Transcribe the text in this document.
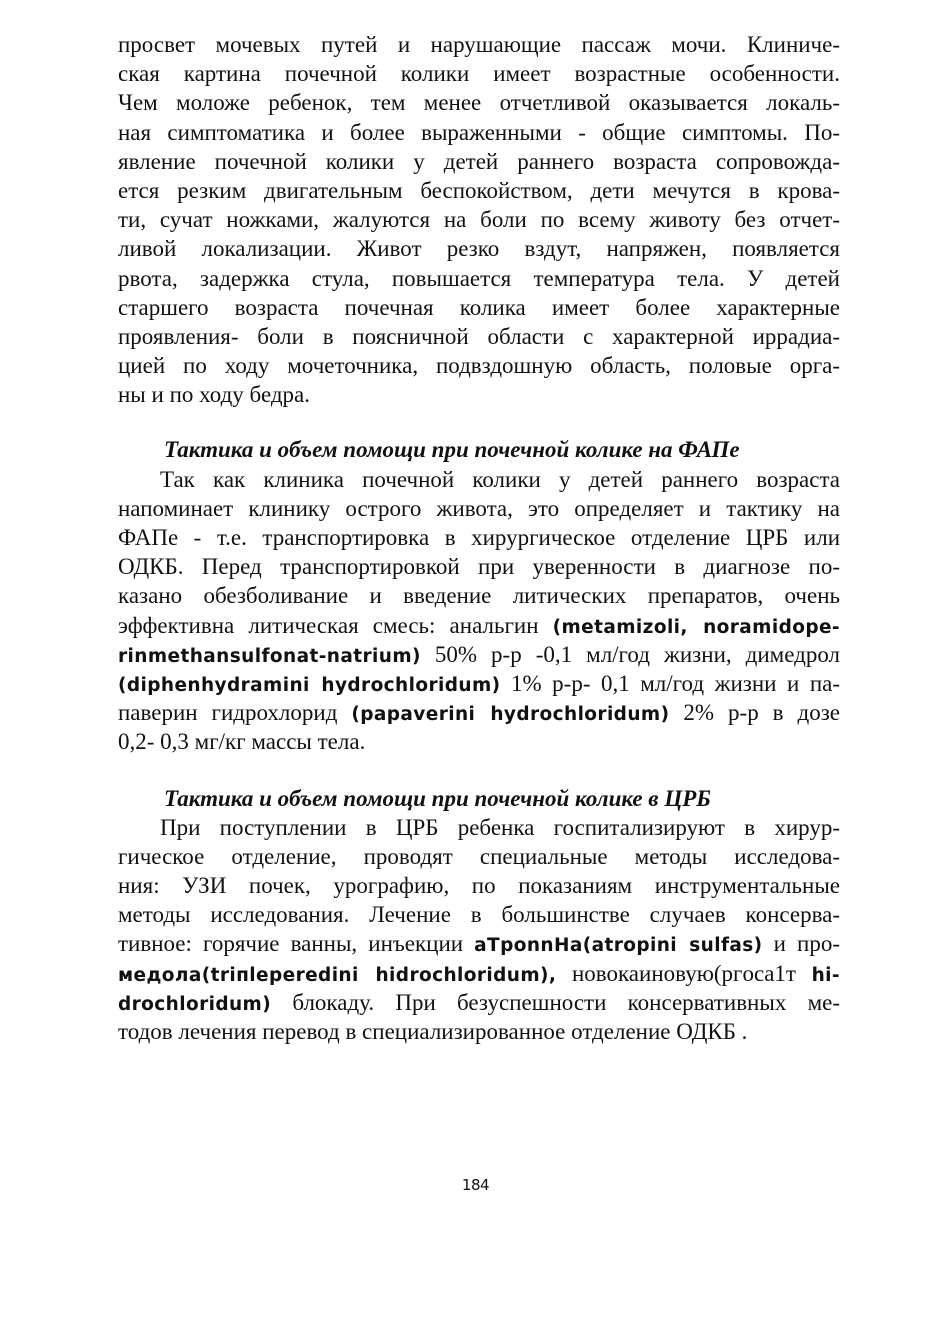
просвет мочевых путей и нарушающие пассаж мочи. Клиниче-
ская картина почечной колики имеет возрастные особенности.
Чем моложе ребенок, тем менее отчетливой оказывается локаль-
ная симптоматика и более выраженными - общие симптомы. По-
явление почечной колики у детей раннего возраста сопровожда-
ется резким двигательным беспокойством, дети мечутся в крова-
ти, сучат ножками, жалуются на боли по всему животу без отчет-
ливой локализации. Живот резко вздут, напряжен, появляется
рвота, задержка стула, повышается температура тела. У детей
старшего возраста почечная колика имеет более характерные
проявления- боли в поясничной области с характерной иррадиа-
цией по ходу мочеточника, подвздошную область, половые орга-
ны и по ходу бедра.
Тактика и объем помощи при почечной колике на ФАПе
Так как клиника почечной колики у детей раннего возраста
напоминает клинику острого живота, это определяет и тактику на
ФАПе - т.е. транспортировка в хирургическое отделение ЦРБ или
ОДКБ. Перед транспортировкой при уверенности в диагнозе по-
казано обезболивание и введение литических препаратов, очень
эффективна литическая смесь: анальгин (metamizoli, noramidope-
rinmethansulfonat-natrium) 50% р-р -0,1 мл/год жизни, димедрол
(diphenhydramini hydrochloridum) 1% р-р- 0,1 мл/год жизни и па-
паверин гидрохлорид (papaverini hydrochloridum) 2% р-р в дозе
0,2- 0,3 мг/кг массы тела.
Тактика и объем помощи при почечной колике в ЦРБ
При поступлении в ЦРБ ребенка госпитализируют в хирур-
гическое отделение, проводят специальные методы исследова-
ния: УЗИ почек, урографию, по показаниям инструментальные
методы исследования. Лечение в большинстве случаев консерва-
тивное: горячие ванны, инъекции aTponnHa(atropini sulfas) и про-
медола(triпleperedini hidrochloridum), новокаиновую(pгoca1т hi-
drochloridum) блокаду. При безуспешности консервативных ме-
тодов лечения перевод в специализированное отделение ОДКБ .
184
